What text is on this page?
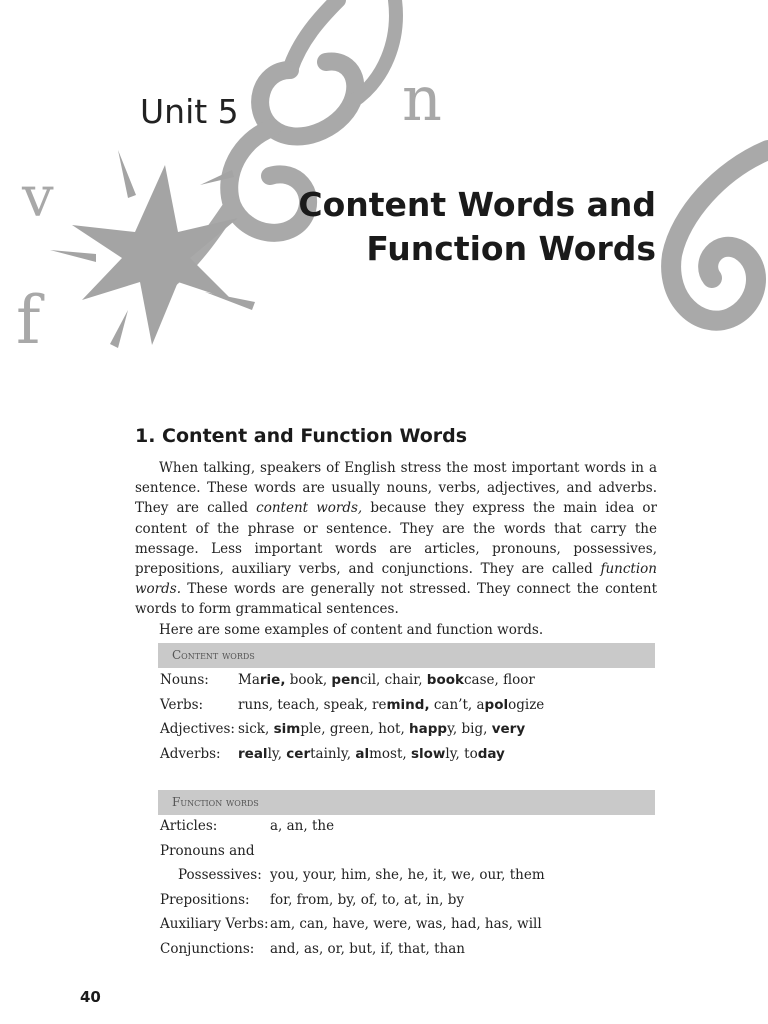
n
v
f
Unit 5
Content Words and
Function Words
1. Content and Function Words

When talking, speakers of English stress the most important words in a sentence. These words are usually nouns, verbs, adjectives, and adverbs. They are called content words, because they express the main idea or content of the phrase or sentence. They are the words that carry the message. Less important words are articles, pronouns, possessives, prepositions, auxiliary verbs, and conjunctions. They are called function words. These words are generally not stressed. They connect the content words to form grammatical sentences.

Here are some examples of content and function words.

Content words
Nouns:	Marie, book, pencil, chair, bookcase, floor
Verbs:	runs, teach, speak, remind, can’t, apologize
Adjectives: sick, simple, green, hot, happy, big, very
Adverbs:	really, certainly, almost, slowly, today
Function words
Articles:	a, an, the
Pronouns and
Possessives: you, your, him, she, he, it, we, our, them
Prepositions:	for, from, by, of, to, at, in, by
Auxiliary Verbs: am, can, have, were, was, had, has, will
Conjunctions:	and, as, or, but, if, that, than
40
